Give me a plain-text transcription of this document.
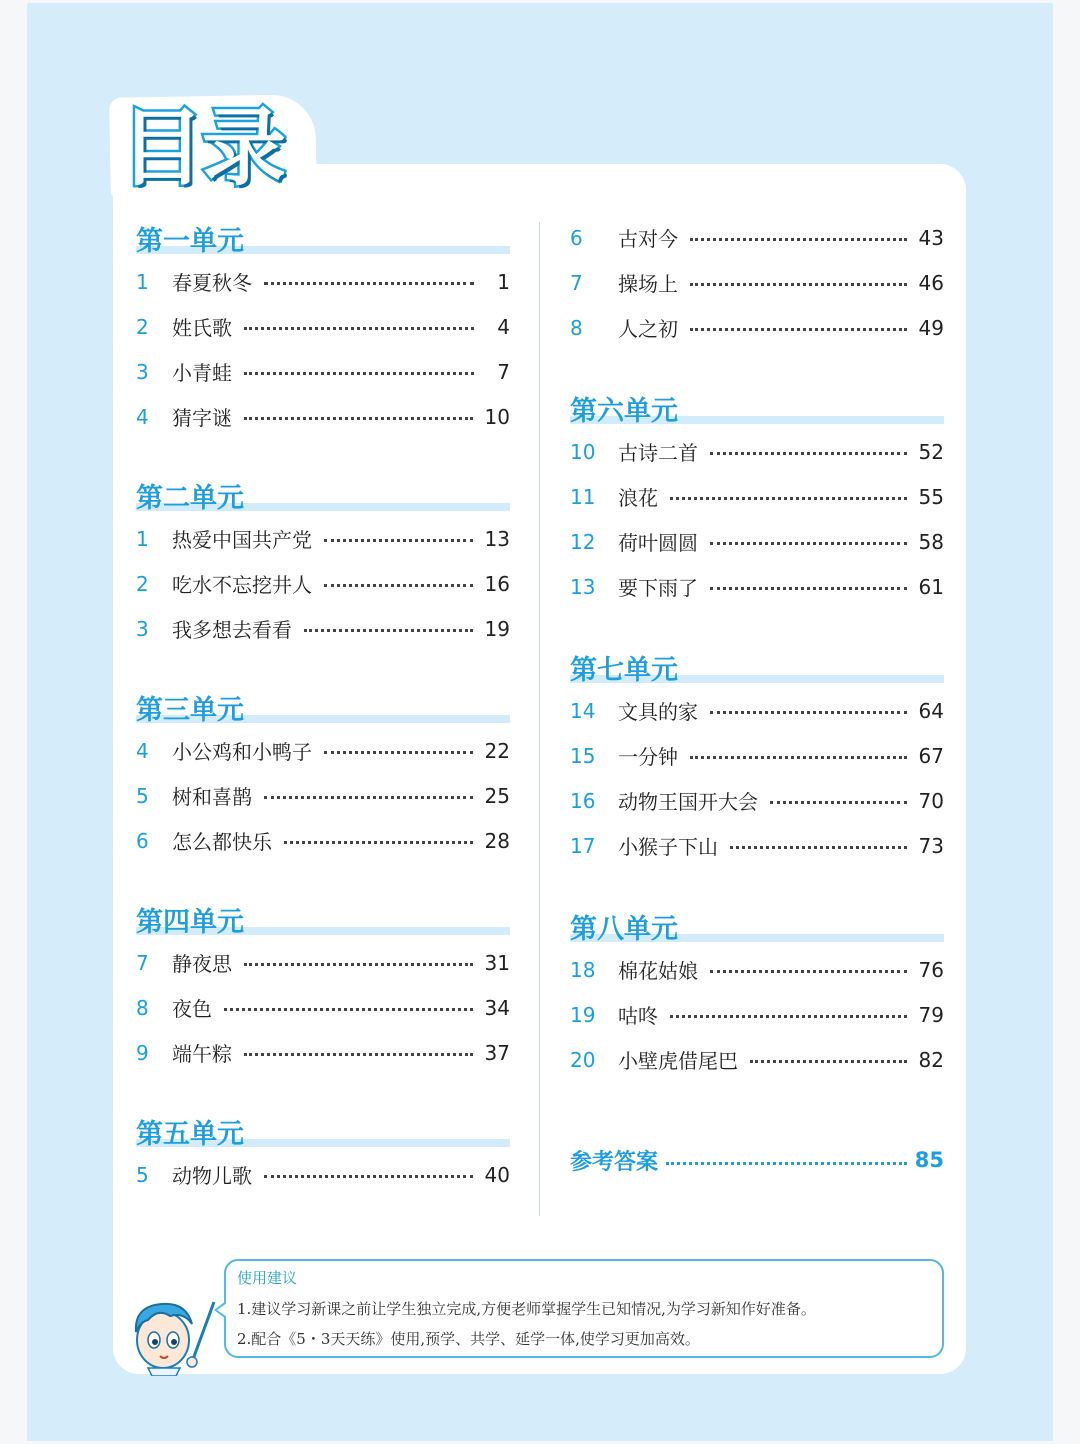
目录
第一单元
1	春夏秋冬	1
2	姓氏歌	4
3	小青蛙	7
4	猜字谜	10
第二单元
1	热爱中国共产党	13
2	吃水不忘挖井人	16
3	我多想去看看	19
第三单元
4	小公鸡和小鸭子	22
5	树和喜鹊	25
6	怎么都快乐	28
第四单元
7	静夜思	31
8	夜色	34
9	端午粽	37
第五单元
5	动物儿歌	40
6	古对今	43
7	操场上	46
8	人之初	49
第六单元
10	古诗二首	52
11	浪花	55
12	荷叶圆圆	58
13	要下雨了	61
第七单元
14	文具的家	64
15	一分钟	67
16	动物王国开大会	70
17	小猴子下山	73
第八单元
18	棉花姑娘	76
19	咕咚	79
20	小壁虎借尾巴	82
参考答案	85
使用建议
1.建议学习新课之前让学生独立完成,方便老师掌握学生已知情况,为学习新知作好准备。
2.配合《5・3天天练》使用,预学、共学、延学一体,使学习更加高效。
